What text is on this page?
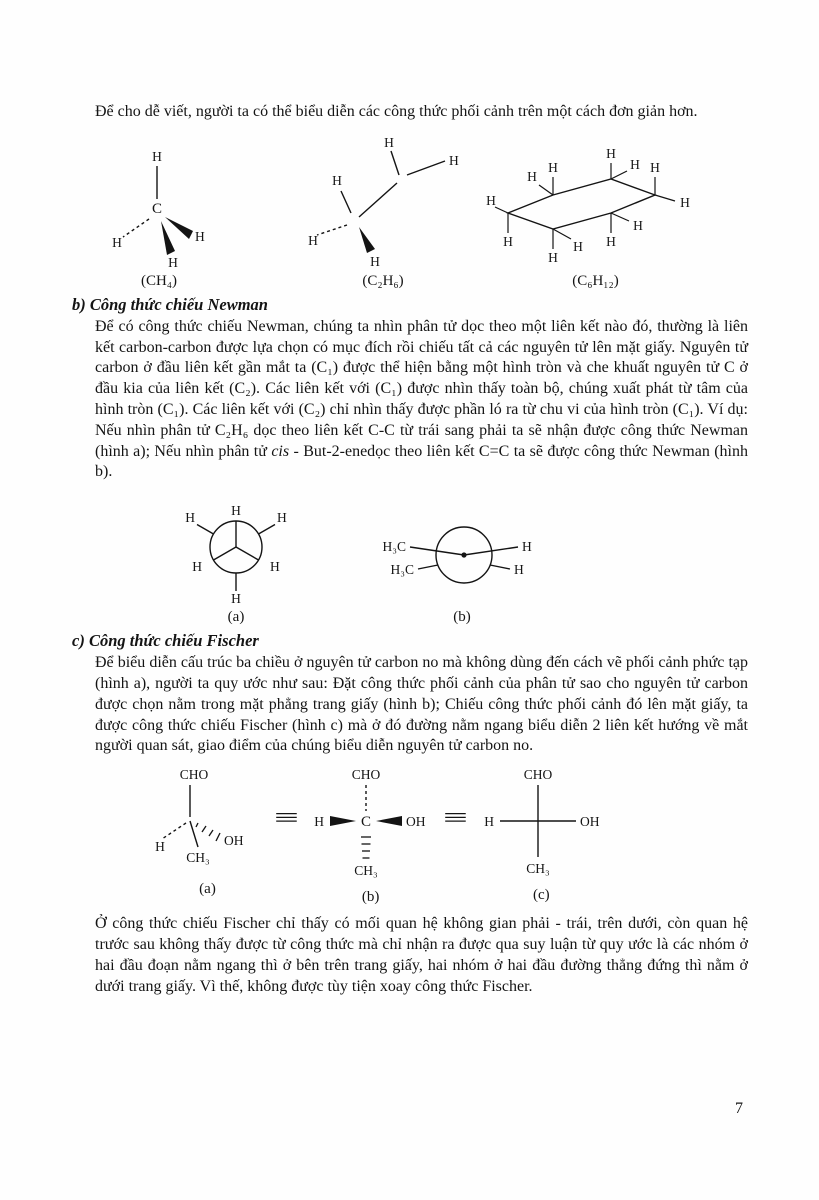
Để cho dễ viết, người ta có thể biểu diễn các công thức phối cảnh trên một cách đơn giản hơn.

H
C
H	H
H
(CH₄)
H
H
H
H
H
(C₂H₆)
H
H	H
H
H
H
H
H
H
H H
H
(C₆H₁₂)
b) Công thức chiếu Newman

Để có công thức chiếu Newman, chúng ta nhìn phân tử dọc theo một liên kết nào đó, thường là liên kết carbon-carbon được lựa chọn có mục đích rồi chiếu tất cả các nguyên tử lên mặt giấy. Nguyên tử carbon ở đầu liên kết gần mắt ta (C₁) được thể hiện bằng một hình tròn và che khuất nguyên tử C ở đầu kia của liên kết (C₂). Các liên kết với (C₁) được nhìn thấy toàn bộ, chúng xuất phát từ tâm của hình tròn (C₁). Các liên kết với (C₂) chỉ nhìn thấy được phần ló ra từ chu vi của hình tròn (C₁). Ví dụ: Nếu nhìn phân tử C₂H₆ dọc theo liên kết C-C từ trái sang phải ta sẽ nhận được công thức Newman (hình a); Nếu nhìn phân tử cis - But-2-enedọc theo liên kết C=C ta sẽ được công thức Newman (hình b).

H
H	H
H	H
H
(a)
H₃C
H₃C
H
H
(b)
c) Công thức chiếu Fischer

Để biểu diễn cấu trúc ba chiều ở nguyên tử carbon no mà không dùng đến cách vẽ phối cảnh phức tạp (hình a), người ta quy ước như sau: Đặt công thức phối cảnh của phân tử sao cho nguyên tử carbon được chọn nằm trong mặt phẳng trang giấy (hình b); Chiếu công thức phối cảnh đó lên mặt giấy, ta được công thức chiếu Fischer (hình c) mà ở đó đường nằm ngang biểu diễn 2 liên kết hướng về mắt người quan sát, giao điểm của chúng biểu diễn nguyên tử carbon no.

CHO
H	OH
CH₃
(a)
≡
CHO
C
H	OH
CH₃
(b)
≡
CHO
H	OH
CH₃
(c)

Ở công thức chiếu Fischer chỉ thấy có mối quan hệ không gian phải - trái, trên dưới, còn quan hệ trước sau không thấy được từ công thức mà chỉ nhận ra được qua suy luận từ quy ước là các nhóm ở hai đầu đoạn nằm ngang thì ở bên trên trang giấy, hai nhóm ở hai đầu đường thẳng đứng thì nằm ở dưới trang giấy. Vì thế, không được tùy tiện xoay công thức Fischer.

7
